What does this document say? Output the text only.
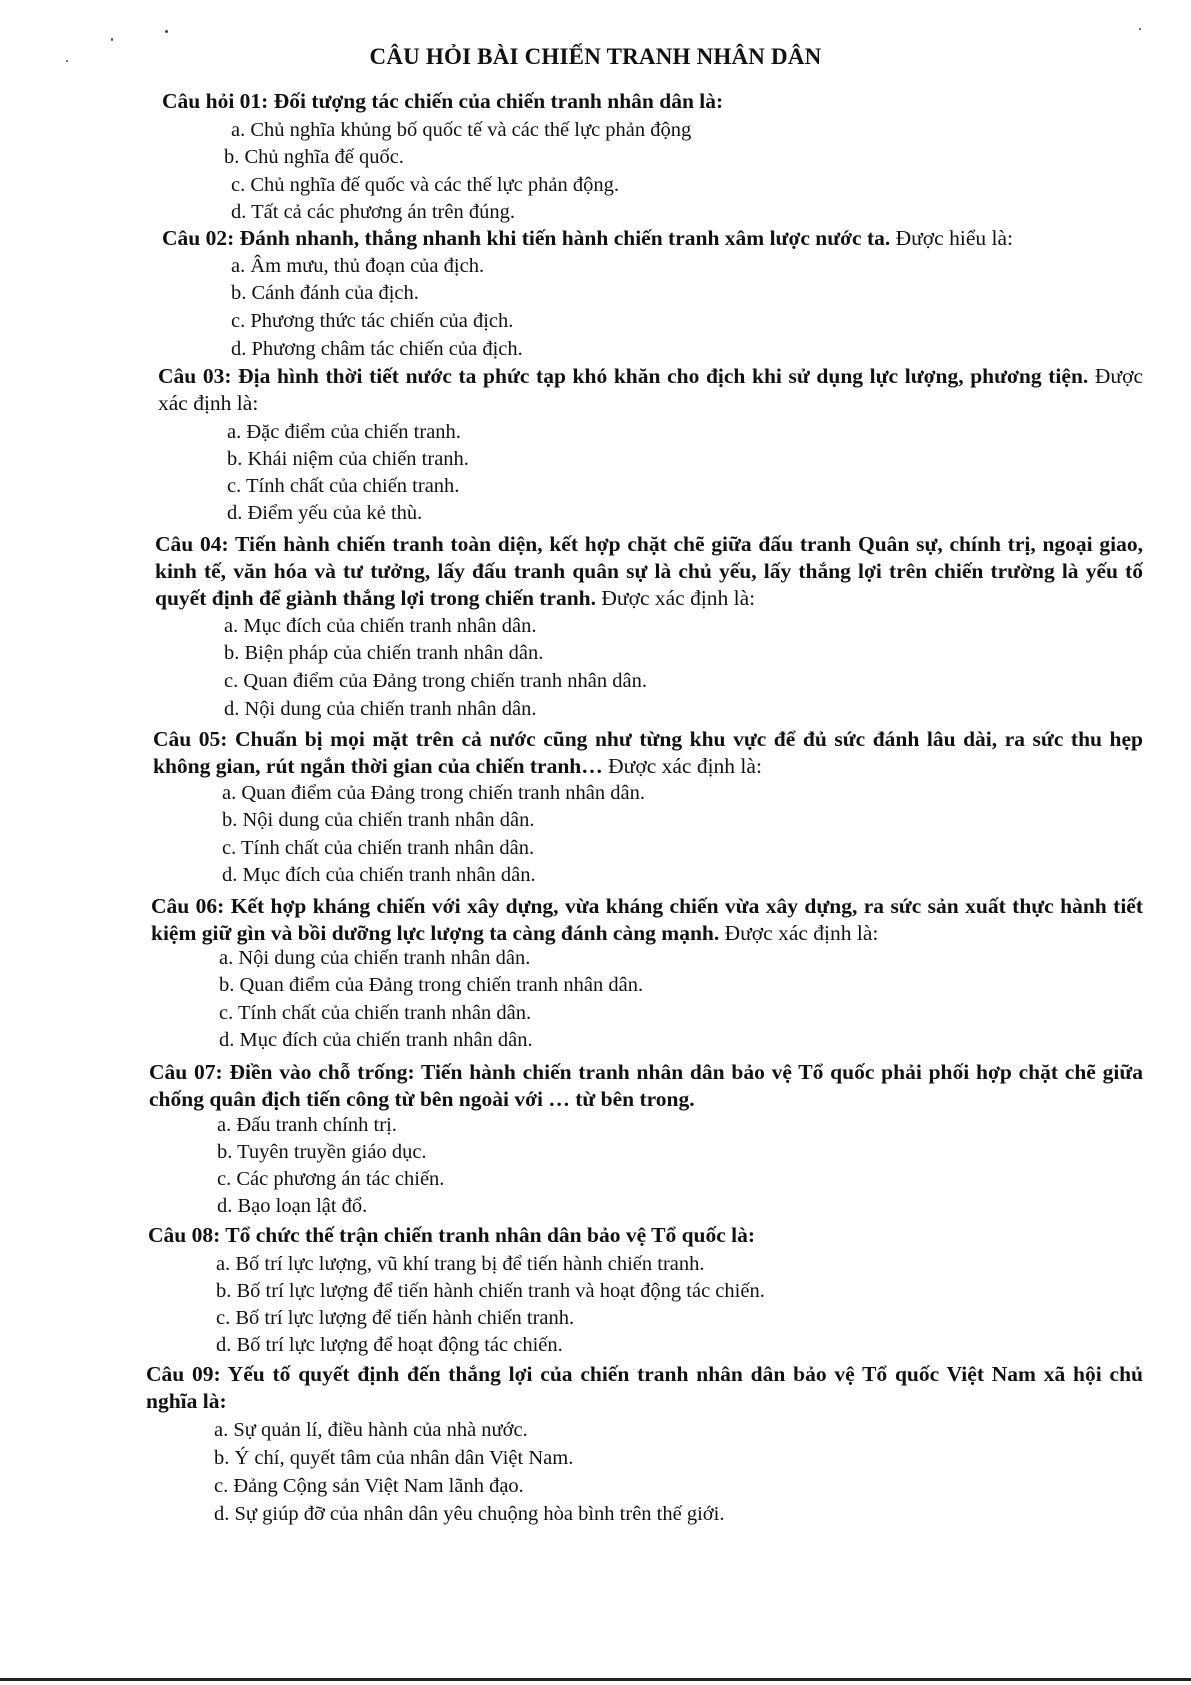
CÂU HỎI BÀI CHIẾN TRANH NHÂN DÂN
Câu hỏi 01: Đối tượng tác chiến của chiến tranh nhân dân là:
a. Chủ nghĩa khủng bố quốc tế và các thế lực phản động
b. Chủ nghĩa đế quốc.
c. Chủ nghĩa đế quốc và các thế lực phản động.
d. Tất cả các phương án trên đúng.
Câu 02: Đánh nhanh, thắng nhanh khi tiến hành chiến tranh xâm lược nước ta. Được hiểu là:
a. Âm mưu, thủ đoạn của địch.
b. Cánh đánh của địch.
c. Phương thức tác chiến của địch.
d. Phương châm tác chiến của địch.
Câu 03: Địa hình thời tiết nước ta phức tạp khó khăn cho địch khi sử dụng lực lượng, phương tiện. Được xác định là:
a. Đặc điểm của chiến tranh.
b. Khái niệm của chiến tranh.
c. Tính chất của chiến tranh.
d. Điểm yếu của kẻ thù.
Câu 04: Tiến hành chiến tranh toàn diện, kết hợp chặt chẽ giữa đấu tranh Quân sự, chính trị, ngoại giao, kinh tế, văn hóa và tư tưởng, lấy đấu tranh quân sự là chủ yếu, lấy thắng lợi trên chiến trường là yếu tố quyết định để giành thắng lợi trong chiến tranh. Được xác định là:
a. Mục đích của chiến tranh nhân dân.
b. Biện pháp của chiến tranh nhân dân.
c. Quan điểm của Đảng trong chiến tranh nhân dân.
d. Nội dung của chiến tranh nhân dân.
Câu 05: Chuẩn bị mọi mặt trên cả nước cũng như từng khu vực để đủ sức đánh lâu dài, ra sức thu hẹp không gian, rút ngắn thời gian của chiến tranh… Được xác định là:
a. Quan điểm của Đảng trong chiến tranh nhân dân.
b. Nội dung của chiến tranh nhân dân.
c. Tính chất của chiến tranh nhân dân.
d. Mục đích của chiến tranh nhân dân.
Câu 06: Kết hợp kháng chiến với xây dựng, vừa kháng chiến vừa xây dựng, ra sức sản xuất thực hành tiết kiệm giữ gìn và bồi dưỡng lực lượng ta càng đánh càng mạnh. Được xác định là:
a. Nội dung của chiến tranh nhân dân.
b. Quan điểm của Đảng trong chiến tranh nhân dân.
c. Tính chất của chiến tranh nhân dân.
d. Mục đích của chiến tranh nhân dân.
Câu 07: Điền vào chỗ trống: Tiến hành chiến tranh nhân dân bảo vệ Tổ quốc phải phối hợp chặt chẽ giữa chống quân địch tiến công từ bên ngoài với … từ bên trong.
a. Đấu tranh chính trị.
b. Tuyên truyền giáo dục.
c. Các phương án tác chiến.
d. Bạo loạn lật đổ.
Câu 08: Tổ chức thế trận chiến tranh nhân dân bảo vệ Tổ quốc là:
a. Bố trí lực lượng, vũ khí trang bị để tiến hành chiến tranh.
b. Bố trí lực lượng để tiến hành chiến tranh và hoạt động tác chiến.
c. Bố trí lực lượng để tiến hành chiến tranh.
d. Bố trí lực lượng để hoạt động tác chiến.
Câu 09: Yếu tố quyết định đến thắng lợi của chiến tranh nhân dân bảo vệ Tổ quốc Việt Nam xã hội chủ nghĩa là:
a. Sự quản lí, điều hành của nhà nước.
b. Ý chí, quyết tâm của nhân dân Việt Nam.
c. Đảng Cộng sản Việt Nam lãnh đạo.
d. Sự giúp đỡ của nhân dân yêu chuộng hòa bình trên thế giới.
